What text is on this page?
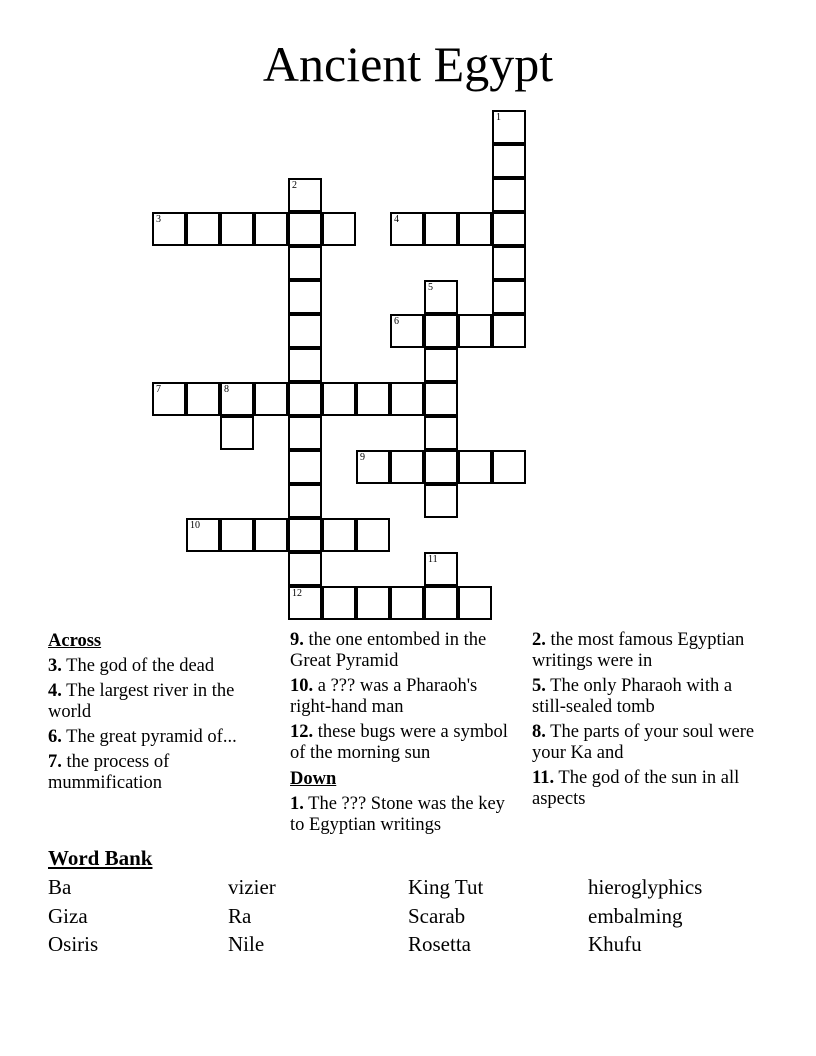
Ancient Egypt
1
2
12
3	4
5
6
7	8
9
10
11
Across
3. The god of the dead
4. The largest river in the world
6. The great pyramid of...
7. the process of mummification
9. the one entombed in the Great Pyramid
10. a ??? was a Pharaoh's right-hand man
12. these bugs were a symbol of the morning sun
Down
1. The ??? Stone was the key to Egyptian writings
2. the most famous Egyptian writings were in
5. The only Pharaoh with a still-sealed tomb
8. The parts of your soul were your Ka and
11. The god of the sun in all aspects
Word Bank
Ba	vizier	King Tut	hieroglyphics
Giza	Ra	Scarab	embalming
Osiris	Nile	Rosetta	Khufu
